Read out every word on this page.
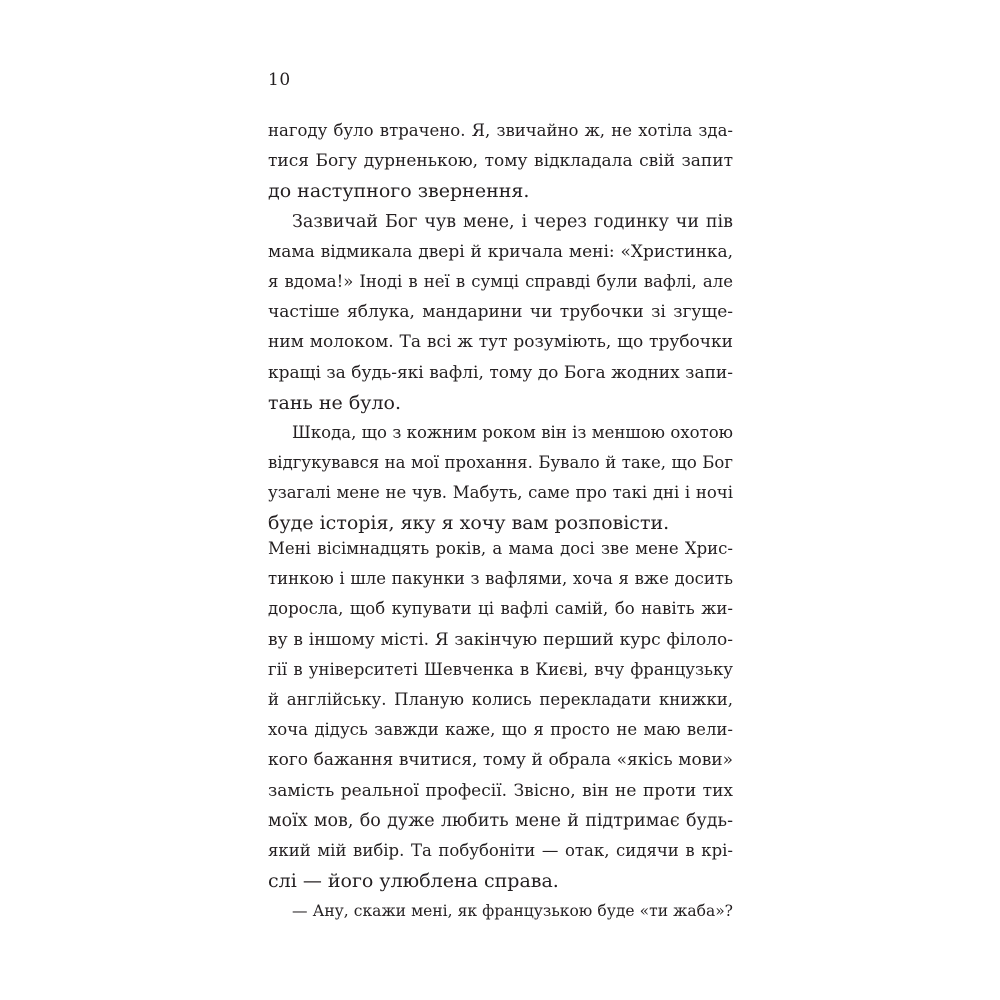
10
нагоду було втрачено. Я, звичайно ж, не хотіла зда-
тися Богу дурненькою, тому відкладала свій запит
до наступного звернення.
Зазвичай Бог чув мене, і через годинку чи пів
мама відмикала двері й кричала мені: «Христинка,
я вдома!» Іноді в неї в сумці справді були вафлі, але
частіше яблука, мандарини чи трубочки зі згуще-
ним молоком. Та всі ж тут розуміють, що трубочки
кращі за будь-які вафлі, тому до Бога жодних запи-
тань не було.
Шкода, що з кожним роком він із меншою охотою
відгукувався на мої прохання. Бувало й таке, що Бог
узагалі мене не чув. Мабуть, саме про такі дні і ночі
буде історія, яку я хочу вам розповісти.
Мені вісімнадцять років, а мама досі зве мене Хрис-
тинкою і шле пакунки з вафлями, хоча я вже досить
доросла, щоб купувати ці вафлі самій, бо навіть жи-
ву в іншому місті. Я закінчую перший курс філоло-
гії в університеті Шевченка в Києві, вчу французьку
й англійську. Планую колись перекладати книжки,
хоча дідусь завжди каже, що я просто не маю вели-
кого бажання вчитися, тому й обрала «якісь мови»
замість реальної професії. Звісно, він не проти тих
моїх мов, бо дуже любить мене й підтримає будь-
який мій вибір. Та побубоніти — отак, сидячи в крі-
слі — його улюблена справа.
— Ану, скажи мені, як французькою буде «ти жаба»?
